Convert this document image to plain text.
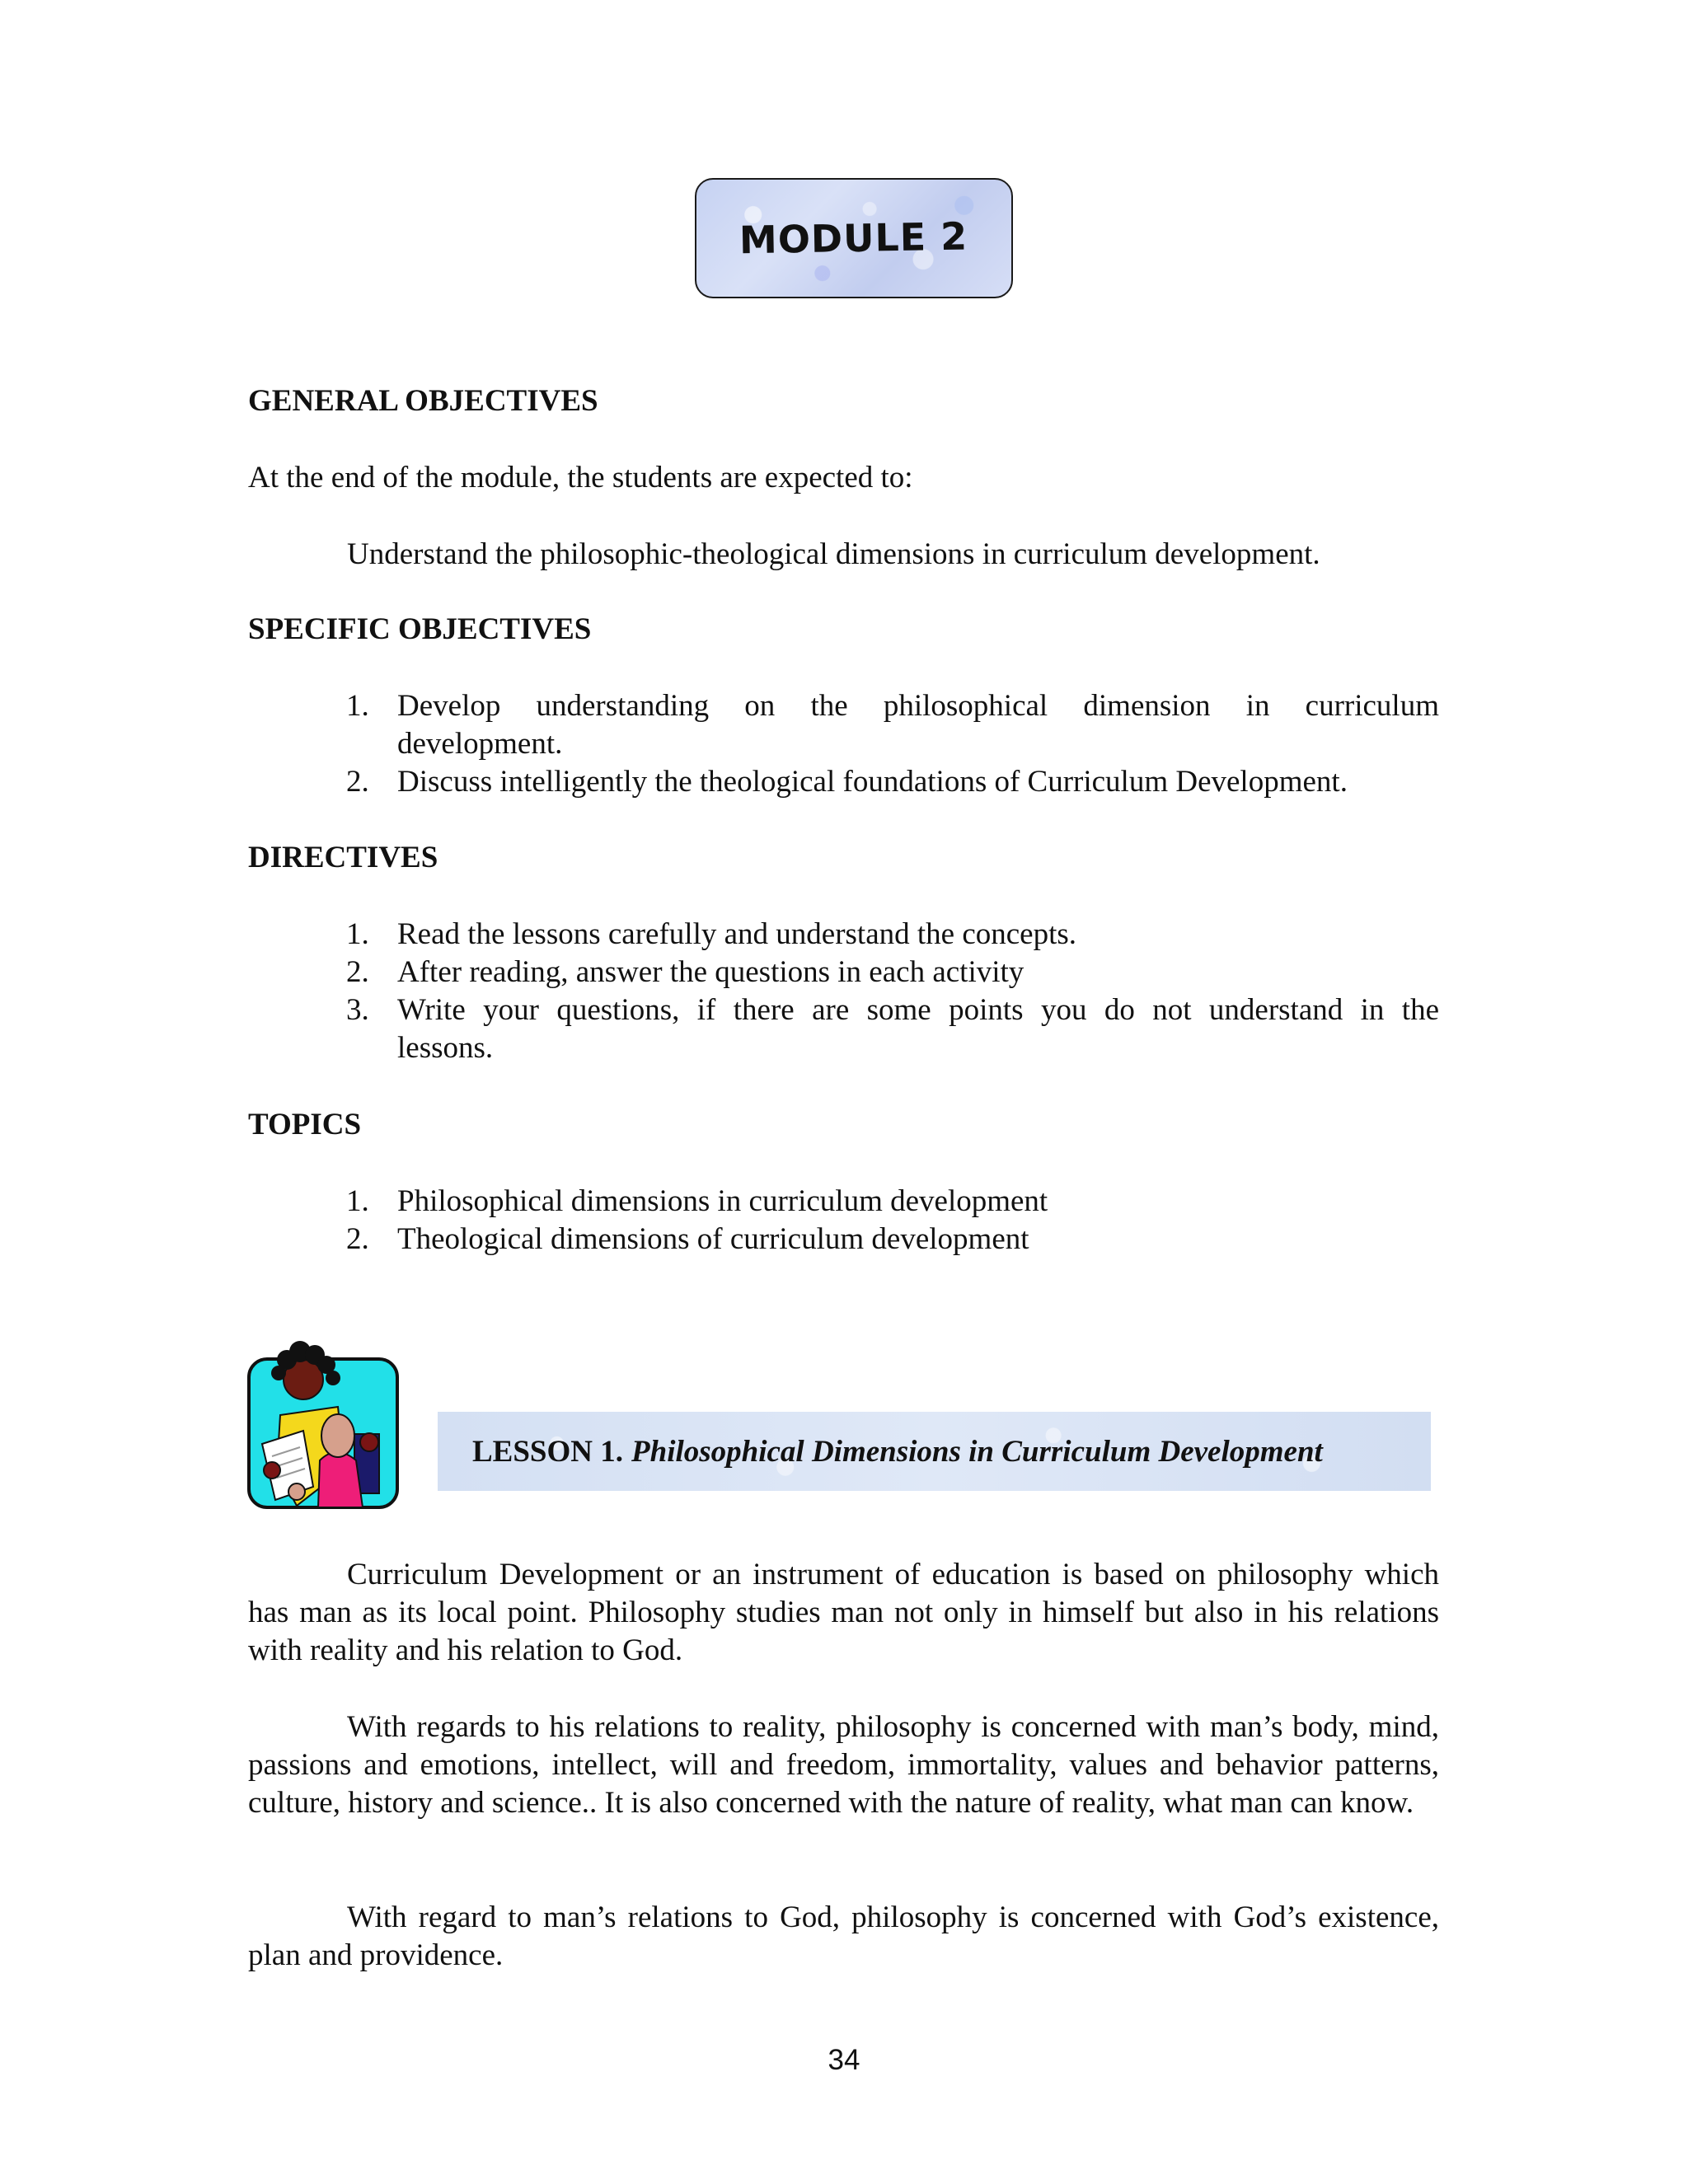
MODULE 2
GENERAL OBJECTIVES
At the end of the module, the students are expected to:
Understand the philosophic-theological dimensions in curriculum development.
SPECIFIC OBJECTIVES
1. Develop understanding on the philosophical dimension in curriculum
development.
2. Discuss intelligently the theological foundations of Curriculum Development.
DIRECTIVES
1. Read the lessons carefully and understand the concepts.
2. After reading, answer the questions in each activity
3. Write your questions, if there are some points you do not understand in the
lessons.
TOPICS
1. Philosophical dimensions in curriculum development
2. Theological dimensions of curriculum development
LESSON 1. Philosophical Dimensions in Curriculum Development
Curriculum Development or an instrument of education is based on philosophy which has man as its local point. Philosophy studies man not only in himself but also in his relations with reality and his relation to God.
With regards to his relations to reality, philosophy is concerned with man’s body, mind, passions and emotions, intellect, will and freedom, immortality, values and behavior patterns, culture, history and science.. It is also concerned with the nature of reality, what man can know.
With regard to man’s relations to God, philosophy is concerned with God’s existence, plan and providence.
34
